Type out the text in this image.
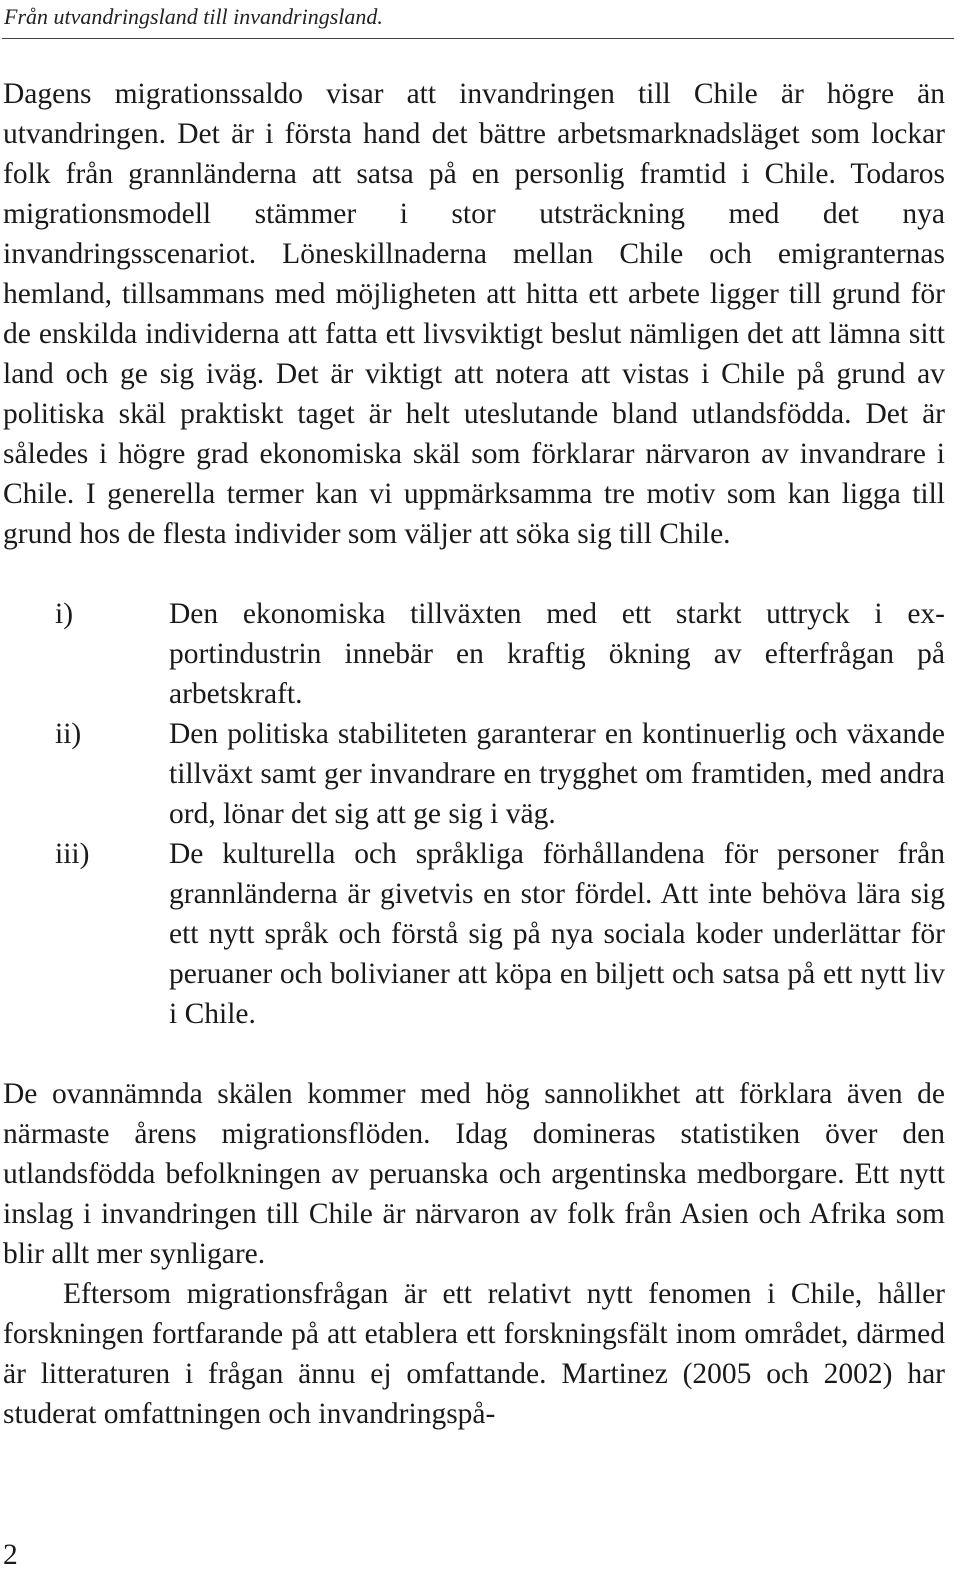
Från utvandringsland till invandringsland.

Dagens migrationssaldo visar att invandringen till Chile är högre än utvandringen. Det är i första hand det bättre arbetsmarknadsläget som lockar folk från grannländerna att satsa på en personlig framtid i Chile. Todaros migrationsmodell stämmer i stor utsträckning med det nya invandringsscenariot. Löneskillnaderna mellan Chile och emigranternas hemland, tillsammans med möjligheten att hitta ett arbete ligger till grund för de enskilda individerna att fatta ett livsviktigt beslut nämligen det att lämna sitt land och ge sig iväg. Det är viktigt att notera att vistas i Chile på grund av politiska skäl praktiskt taget är helt uteslutande bland utlandsfödda. Det är således i högre grad ekonomiska skäl som förklarar närvaron av invandrare i Chile. I generella termer kan vi uppmärksamma tre motiv som kan ligga till grund hos de flesta individer som väljer att söka sig till Chile.

i)	Den ekonomiska tillväxten med ett starkt uttryck i exportindustrin innebär en kraftig ökning av efterfrågan på arbetskraft.
ii)	Den politiska stabiliteten garanterar en kontinuerlig och växande tillväxt samt ger invandrare en trygghet om framtiden, med andra ord, lönar det sig att ge sig i väg.
iii)	De kulturella och språkliga förhållandena för personer från grannländerna är givetvis en stor fördel. Att inte behöva lära sig ett nytt språk och förstå sig på nya sociala koder underlättar för peruaner och bolivianer att köpa en biljett och satsa på ett nytt liv i Chile.

De ovannämnda skälen kommer med hög sannolikhet att förklara även de närmaste årens migrationsflöden. Idag domineras statistiken över den utlandsfödda befolkningen av peruanska och argentinska medborgare. Ett nytt inslag i invandringen till Chile är närvaron av folk från Asien och Afrika som blir allt mer synligare.

Eftersom migrationsfrågan är ett relativt nytt fenomen i Chile, håller forskningen fortfarande på att etablera ett forskningsfält inom området, därmed är litteraturen i frågan ännu ej omfattande. Martinez (2005 och 2002) har studerat omfattningen och invandringspå-

2
